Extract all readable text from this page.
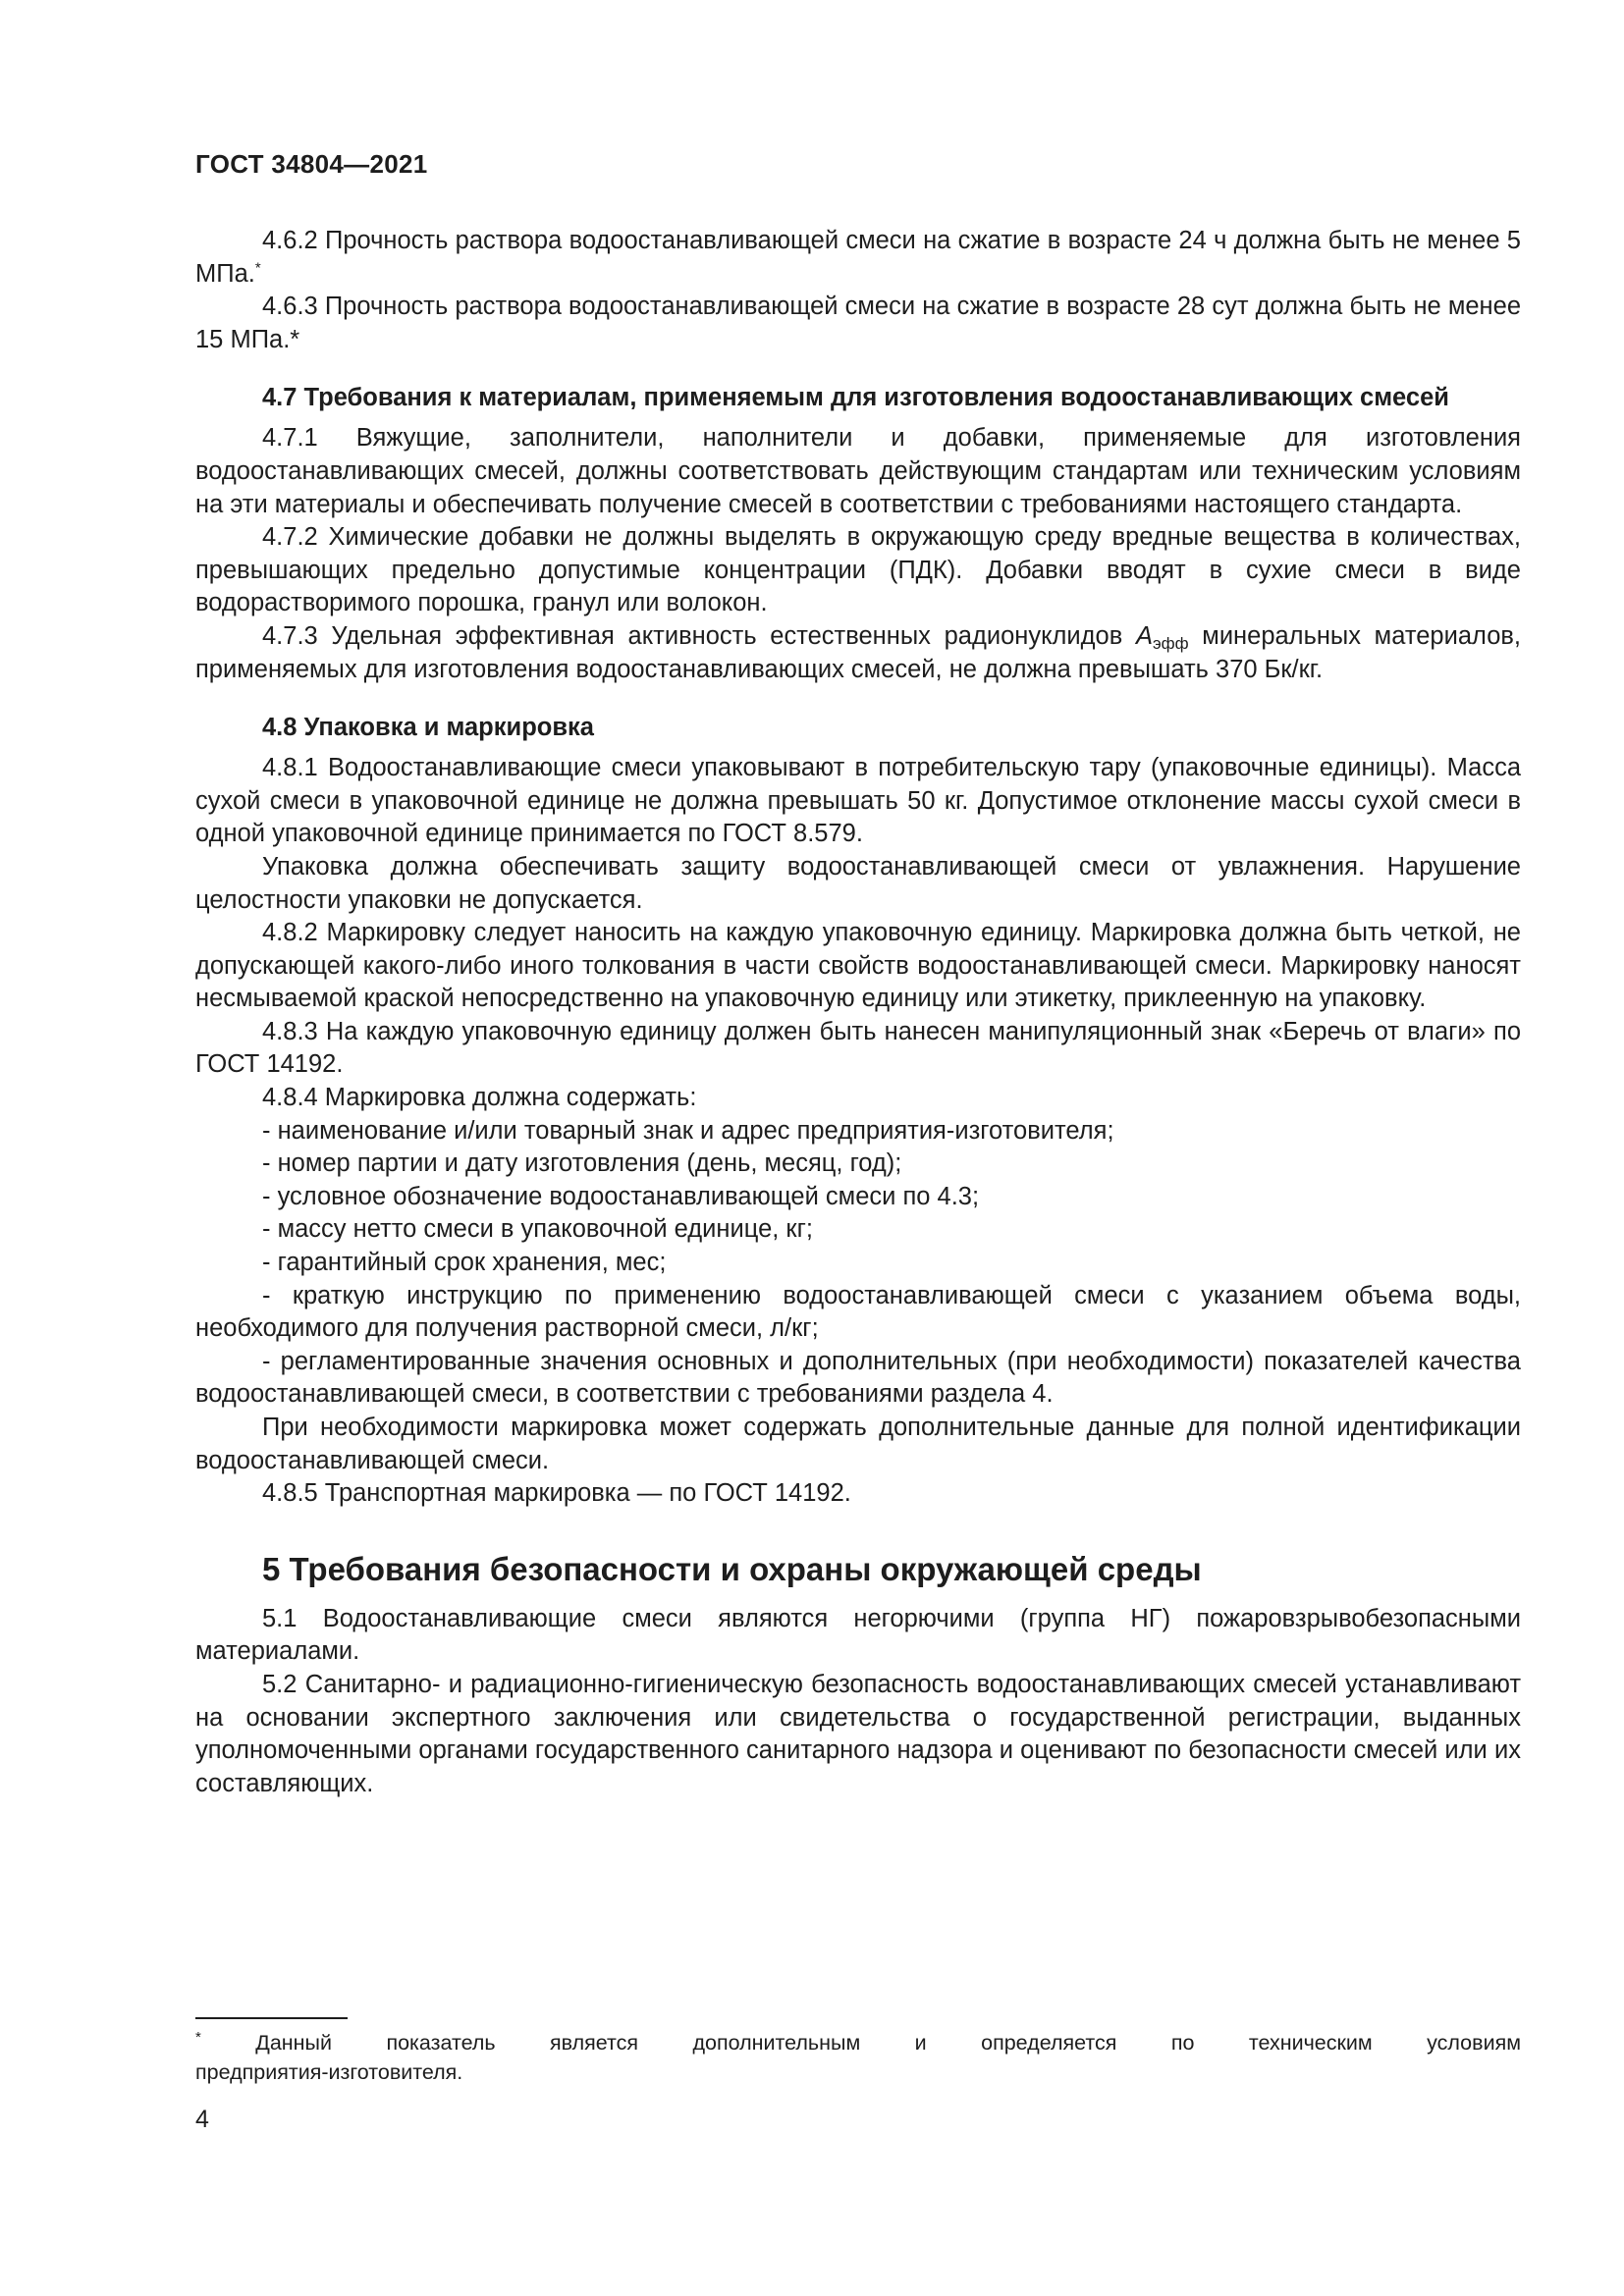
ГОСТ 34804—2021

4.6.2 Прочность раствора водоостанавливающей смеси на сжатие в возрасте 24 ч должна быть не менее 5 МПа.*

4.6.3 Прочность раствора водоостанавливающей смеси на сжатие в возрасте 28 сут должна быть не менее 15 МПа.*

4.7 Требования к материалам, применяемым для изготовления водоостанавливающих смесей

4.7.1 Вяжущие, заполнители, наполнители и добавки, применяемые для изготовления водоостанавливающих смесей, должны соответствовать действующим стандартам или техническим условиям на эти материалы и обеспечивать получение смесей в соответствии с требованиями настоящего стандарта.

4.7.2 Химические добавки не должны выделять в окружающую среду вредные вещества в количествах, превышающих предельно допустимые концентрации (ПДК). Добавки вводят в сухие смеси в виде водорастворимого порошка, гранул или волокон.

4.7.3 Удельная эффективная активность естественных радионуклидов $A_{эфф}$ минеральных материалов, применяемых для изготовления водоостанавливающих смесей, не должна превышать 370 Бк/кг.

4.8 Упаковка и маркировка

4.8.1 Водоостанавливающие смеси упаковывают в потребительскую тару (упаковочные единицы). Масса сухой смеси в упаковочной единице не должна превышать 50 кг. Допустимое отклонение массы сухой смеси в одной упаковочной единице принимается по ГОСТ 8.579.

Упаковка должна обеспечивать защиту водоостанавливающей смеси от увлажнения. Нарушение целостности упаковки не допускается.

4.8.2 Маркировку следует наносить на каждую упаковочную единицу. Маркировка должна быть четкой, не допускающей какого-либо иного толкования в части свойств водоостанавливающей смеси. Маркировку наносят несмываемой краской непосредственно на упаковочную единицу или этикетку, приклеенную на упаковку.

4.8.3 На каждую упаковочную единицу должен быть нанесен манипуляционный знак «Беречь от влаги» по ГОСТ 14192.

4.8.4 Маркировка должна содержать:

- наименование и/или товарный знак и адрес предприятия-изготовителя;

- номер партии и дату изготовления (день, месяц, год);

- условное обозначение водоостанавливающей смеси по 4.3;

- массу нетто смеси в упаковочной единице, кг;

- гарантийный срок хранения, мес;

- краткую инструкцию по применению водоостанавливающей смеси с указанием объема воды, необходимого для получения растворной смеси, л/кг;

- регламентированные значения основных и дополнительных (при необходимости) показателей качества водоостанавливающей смеси, в соответствии с требованиями раздела 4.

При необходимости маркировка может содержать дополнительные данные для полной идентификации водоостанавливающей смеси.

4.8.5 Транспортная маркировка — по ГОСТ 14192.

5 Требования безопасности и охраны окружающей среды

5.1 Водоостанавливающие смеси являются негорючими (группа НГ) пожаровзрывобезопасными материалами.

5.2 Санитарно- и радиационно-гигиеническую безопасность водоостанавливающих смесей устанавливают на основании экспертного заключения или свидетельства о государственной регистрации, выданных уполномоченными органами государственного санитарного надзора и оценивают по безопасности смесей или их составляющих.

* Данный показатель является дополнительным и определяется по техническим условиям
предприятия-изготовителя.
4
